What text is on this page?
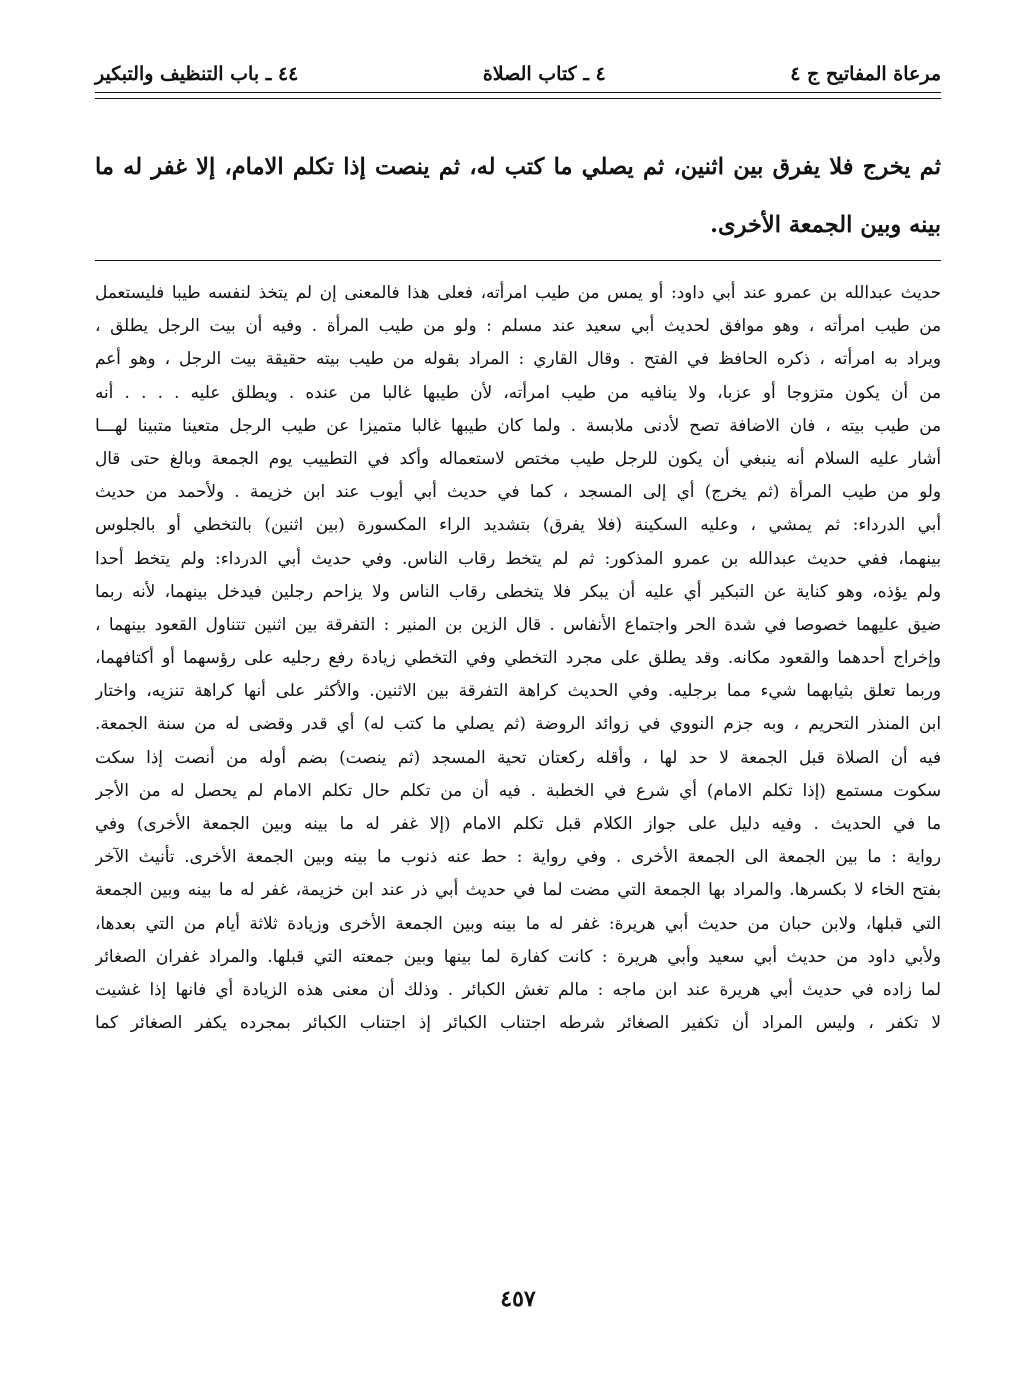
مرعاة المفاتيح ج ٤
٤ ـ كتاب الصلاة
٤٤ ـ باب التنظيف والتبكير
ثم يخرج فلا يفرق بين اثنين، ثم يصلي ما كتب له، ثم ينصت إذا تكلم الامام، إلا غفر له ما بينه وبين الجمعة الأخرى.

حديث عبدالله بن عمرو عند أبي داود: أو يمس من طيب امرأته، فعلى هذا فالمعنى إن لم يتخذ لنفسه طيبا فليستعمل

من طيب امرأته ، وهو موافق لحديث أبي سعيد عند مسلم : ولو من طيب المرأة . وفيه أن بيت الرجل يطلق ،

ويراد به امرأته ، ذكره الحافظ في الفتح . وقال القاري : المراد بقوله من طيب بيته حقيقة بيت الرجل ، وهو أعم

من أن يكون متزوجا أو عزبا، ولا ينافيه من طيب امرأته، لأن طيبها غالبا من عنده . ويطلق عليه . . . . أنه

من طيب بيته ، فان الاضافة تصح لأدنى ملابسة . ولما كان طيبها غالبا متميزا عن طيب الرجل متعينا متبينا لهـــا

أشار عليه السلام أنه ينبغي أن يكون للرجل طيب مختص لاستعماله وأكد في التطييب يوم الجمعة وبالغ حتى قال

ولو من طيب المرأة (ثم يخرج) أي إلى المسجد ، كما في حديث أبي أيوب عند ابن خزيمة . ولأحمد من حديث

أبي الدرداء: ثم يمشي ، وعليه السكينة (فلا يفرق) بتشديد الراء المكسورة (بين اثنين) بالتخطي أو بالجلوس

بينهما، ففي حديث عبدالله بن عمرو المذكور: ثم لم يتخط رقاب الناس. وفي حديث أبي الدرداء: ولم يتخط أحدا

ولم يؤذه، وهو كناية عن التبكير أي عليه أن يبكر فلا يتخطى رقاب الناس ولا يزاحم رجلين فيدخل بينهما، لأنه ربما

ضيق عليهما خصوصا في شدة الحر واجتماع الأنفاس . قال الزين بن المنير : التفرقة بين اثنين تتناول القعود بينهما ،

وإخراج أحدهما والقعود مكانه. وقد يطلق على مجرد التخطي وفي التخطي زيادة رفع رجليه على رؤسهما أو أكتافهما،

وربما تعلق بثيابهما شيء مما برجليه. وفي الحديث كراهة التفرقة بين الاثنين. والأكثر على أنها كراهة تنزيه، واختار

ابن المنذر التحريم ، وبه جزم النووي في زوائد الروضة (ثم يصلي ما كتب له) أي قدر وقضى له من سنة الجمعة.

فيه أن الصلاة قبل الجمعة لا حد لها ، وأقله ركعتان تحية المسجد (ثم ينصت) بضم أوله من أنصت إذا سكت

سكوت مستمع (إذا تكلم الامام) أي شرع في الخطبة . فيه أن من تكلم حال تكلم الامام لم يحصل له من الأجر

ما في الحديث . وفيه دليل على جواز الكلام قبل تكلم الامام (إلا غفر له ما بينه وبين الجمعة الأخرى) وفي

رواية : ما بين الجمعة الى الجمعة الأخرى . وفي رواية : حط عنه ذنوب ما بينه وبين الجمعة الأخرى. تأنيث الآخر

بفتح الخاء لا بكسرها. والمراد بها الجمعة التي مضت لما في حديث أبي ذر عند ابن خزيمة، غفر له ما بينه وبين الجمعة

التي قبلها، ولابن حبان من حديث أبي هريرة: غفر له ما بينه وبين الجمعة الأخرى وزيادة ثلاثة أيام من التي بعدها،

ولأبي داود من حديث أبي سعيد وأبي هريرة : كانت كفارة لما بينها وبين جمعته التي قبلها. والمراد غفران الصغائر

لما زاده في حديث أبي هريرة عند ابن ماجه : مالم تغش الكبائر . وذلك أن معنى هذه الزيادة أي فانها إذا غشيت

لا تكفر ، وليس المراد أن تكفير الصغائر شرطه اجتناب الكبائر إذ اجتناب الكبائر بمجرده يكفر الصغائر كما

٤٥٧
